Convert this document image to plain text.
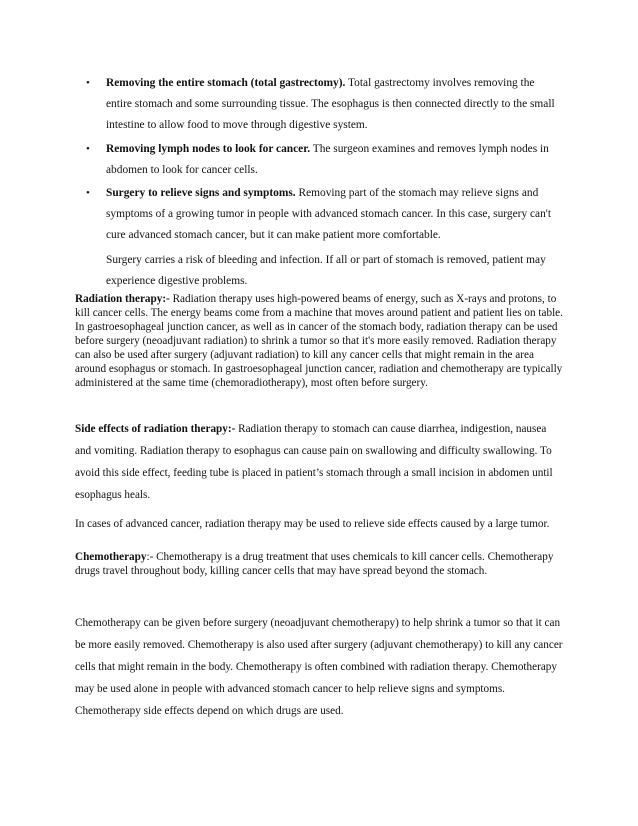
• Removing the entire stomach (total gastrectomy). Total gastrectomy involves removing the entire stomach and some surrounding tissue. The esophagus is then connected directly to the small intestine to allow food to move through digestive system.
• Removing lymph nodes to look for cancer. The surgeon examines and removes lymph nodes in abdomen to look for cancer cells.
• Surgery to relieve signs and symptoms. Removing part of the stomach may relieve signs and symptoms of a growing tumor in people with advanced stomach cancer. In this case, surgery can't cure advanced stomach cancer, but it can make patient more comfortable.
Surgery carries a risk of bleeding and infection. If all or part of stomach is removed, patient may experience digestive problems.
Radiation therapy:- Radiation therapy uses high-powered beams of energy, such as X-rays and protons, to kill cancer cells. The energy beams come from a machine that moves around patient and patient lies on table. In gastroesophageal junction cancer, as well as in cancer of the stomach body, radiation therapy can be used before surgery (neoadjuvant radiation) to shrink a tumor so that it's more easily removed. Radiation therapy can also be used after surgery (adjuvant radiation) to kill any cancer cells that might remain in the area around esophagus or stomach. In gastroesophageal junction cancer, radiation and chemotherapy are typically administered at the same time (chemoradiotherapy), most often before surgery.
Side effects of radiation therapy:- Radiation therapy to stomach can cause diarrhea, indigestion, nausea and vomiting. Radiation therapy to esophagus can cause pain on swallowing and difficulty swallowing. To avoid this side effect, feeding tube is placed in patient’s stomach through a small incision in abdomen until esophagus heals.
In cases of advanced cancer, radiation therapy may be used to relieve side effects caused by a large tumor.
Chemotherapy:- Chemotherapy is a drug treatment that uses chemicals to kill cancer cells. Chemotherapy drugs travel throughout body, killing cancer cells that may have spread beyond the stomach.
Chemotherapy can be given before surgery (neoadjuvant chemotherapy) to help shrink a tumor so that it can be more easily removed. Chemotherapy is also used after surgery (adjuvant chemotherapy) to kill any cancer cells that might remain in the body. Chemotherapy is often combined with radiation therapy. Chemotherapy may be used alone in people with advanced stomach cancer to help relieve signs and symptoms. Chemotherapy side effects depend on which drugs are used.
